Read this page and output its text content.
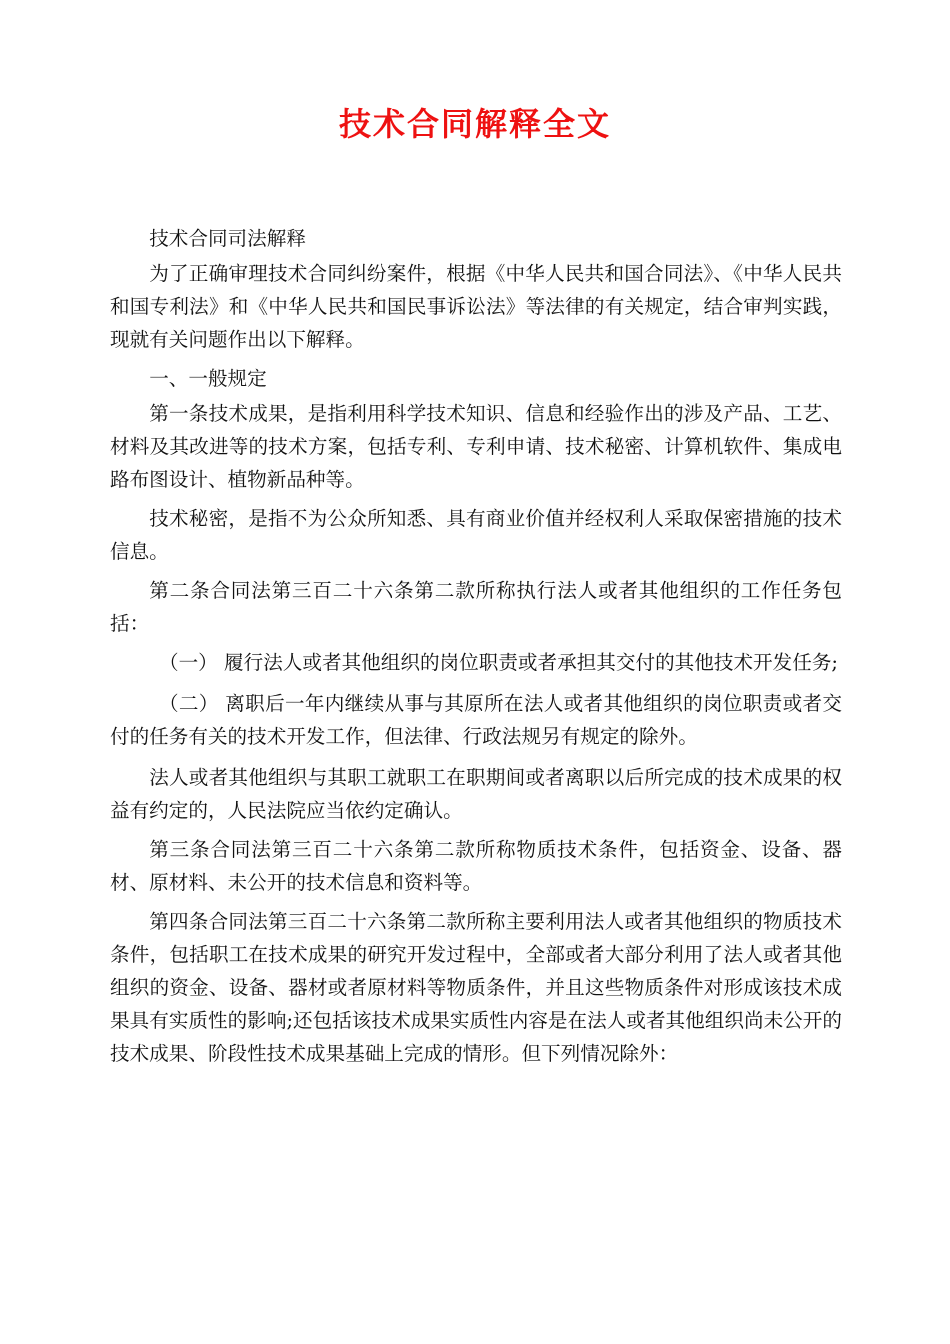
技术合同解释全文

技术合同司法解释

为了正确审理技术合同纠纷案件，根据《中华人民共和国合同法》、《中华人民共和国专利法》和《中华人民共和国民事诉讼法》等法律的有关规定，结合审判实践，现就有关问题作出以下解释。

一、一般规定

第一条技术成果，是指利用科学技术知识、信息和经验作出的涉及产品、工艺、材料及其改进等的技术方案，包括专利、专利申请、技术秘密、计算机软件、集成电路布图设计、植物新品种等。

技术秘密，是指不为公众所知悉、具有商业价值并经权利人采取保密措施的技术信息。

第二条合同法第三百二十六条第二款所称执行法人或者其他组织的工作任务包括：

（一） 履行法人或者其他组织的岗位职责或者承担其交付的其他技术开发任务;

（二） 离职后一年内继续从事与其原所在法人或者其他组织的岗位职责或者交 付的任务有关的技术开发工作，但法律、行政法规另有规定的除外。

法人或者其他组织与其职工就职工在职期间或者离职以后所完成的技术成果的权益有约定的，人民法院应当依约定确认。

第三条合同法第三百二十六条第二款所称物质技术条件，包括资金、设备、器材、原材料、未公开的技术信息和资料等。

第四条合同法第三百二十六条第二款所称主要利用法人或者其他组织的物质技术条件，包括职工在技术成果的研究开发过程中，全部或者大部分利用了法人或者其他组织的资金、设备、器材或者原材料等物质条件，并且这些物质条件对形成该技术成果具有实质性的影响;还包括该技术成果实质性内容是在法人或者其他组织尚未公开的技术成果、阶段性技术成果基础上完成的情形。但下列情况除外：
